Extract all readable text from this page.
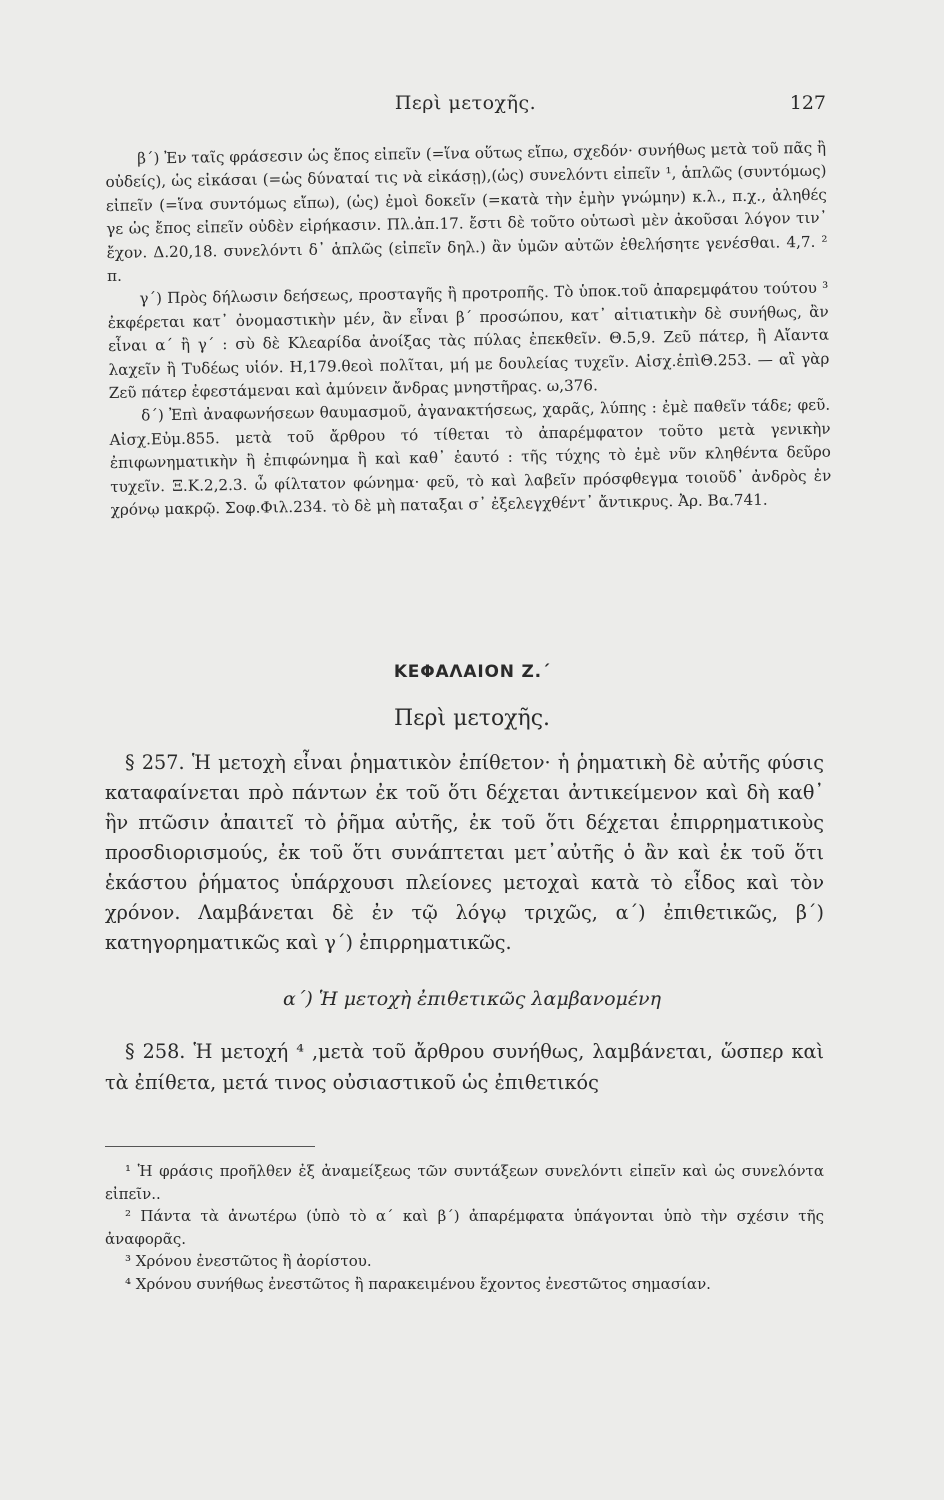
Περὶ μετοχῆς.	127

β΄) Ἐν ταῖς φράσεσιν ὡς ἔπος εἰπεῖν (=ἵνα οὕτως εἴπω, σχεδόν· συνήθως μετὰ τοῦ πᾶς ἢ οὐδείς), ὡς εἰκάσαι (=ὡς δύναταί τις νὰ εἰκάσῃ),(ὡς) συνελόντι εἰπεῖν ¹, ἁπλῶς (συντόμως) εἰπεῖν (=ἵνα συντόμως εἴπω), (ὡς) ἐμοὶ δοκεῖν (=κατὰ τὴν ἐμὴν γνώμην) κ.λ., π.χ., ἀληθές γε ὡς ἔπος εἰπεῖν οὐδὲν εἰρήκασιν. Πλ.ἀπ.17. ἔστι δὲ τοῦτο οὑτωσὶ μὲν ἀκοῦσαι λόγον τιν᾽ ἔχον. Δ.20,18. συνελόντι δ᾽ ἁπλῶς (εἰπεῖν δηλ.) ἂν ὑμῶν αὐτῶν ἐθελήσητε γενέσθαι. 4,7. ² π.

γ΄) Πρὸς δήλωσιν δεήσεως, προσταγῆς ἢ προτροπῆς. Τὸ ὑποκ.τοῦ ἀπαρεμφάτου τούτου ³ ἐκφέρεται κατ᾽ ὀνομαστικὴν μέν, ἂν εἶναι β΄ προσώπου, κατ᾽ αἰτιατικὴν δὲ συνήθως, ἂν εἶναι α΄ ἢ γ΄ : σὺ δὲ Κλεαρίδα ἀνοίξας τὰς πύλας ἐπεκθεῖν. Θ.5,9. Ζεῦ πάτερ, ἢ Αἴαντα λαχεῖν ἢ Τυδέως υἱόν. Η,179.θεοὶ πολῖται, μή με δουλείας τυχεῖν. Αἰσχ.ἑπὶΘ.253. — αἲ γὰρ Ζεῦ πάτερ ἐφεστάμεναι καὶ ἀμύνειν ἄνδρας μνηστῆρας. ω,376.

δ΄) Ἐπὶ ἀναφωνήσεων θαυμασμοῦ, ἀγανακτήσεως, χαρᾶς, λύπης : ἐμὲ παθεῖν τάδε; φεῦ. Αἰσχ.Εὐμ.855. μετὰ τοῦ ἄρθρου τό τίθεται τὸ ἀπαρέμφατον τοῦτο μετὰ γενικὴν ἐπιφωνηματικὴν ἢ ἐπιφώνημα ἢ καὶ καθ᾽ ἑαυτό : τῆς τύχης τὸ ἐμὲ νῦν κληθέντα δεῦρο τυχεῖν. Ξ.Κ.2,2.3. ὦ φίλτατον φώνημα· φεῦ, τὸ καὶ λαβεῖν πρόσφθεγμα τοιοῦδ᾽ ἀνδρὸς ἐν χρόνῳ μακρῷ. Σοφ.Φιλ.234. τὸ δὲ μὴ παταξαι σ᾽ ἐξελεγχθέντ᾽ ἄντικρυς. Ἀρ. Βα.741.

ΚΕΦΑΛΑΙΟΝ Ζ.΄
Περὶ μετοχῆς.

§ 257. Ἡ μετοχὴ εἶναι ῥηματικὸν ἐπίθετον· ἡ ῥηματικὴ δὲ αὐτῆς φύσις καταφαίνεται πρὸ πάντων ἐκ τοῦ ὅτι δέχεται ἀντικείμενον καὶ δὴ καθ᾽ ἣν πτῶσιν ἀπαιτεῖ τὸ ῥῆμα αὐτῆς, ἐκ τοῦ ὅτι δέχεται ἐπιρρηματικοὺς προσδιορισμούς, ἐκ τοῦ ὅτι συνάπτεται μετ᾽αὐτῆς ὁ ἂν καὶ ἐκ τοῦ ὅτι ἑκάστου ῥήματος ὑπάρχουσι πλείονες μετοχαὶ κατὰ τὸ εἶδος καὶ τὸν χρόνον. Λαμβάνεται δὲ ἐν τῷ λόγῳ τριχῶς, α΄) ἐπιθετικῶς, β΄) κατηγορηματικῶς καὶ γ΄) ἐπιρρηματικῶς.

α΄) Ἡ μετοχὴ ἐπιθετικῶς λαμβανομένη

§ 258. Ἡ μετοχή ⁴ ,μετὰ τοῦ ἄρθρου συνήθως, λαμβάνεται, ὥσπερ καὶ τὰ ἐπίθετα, μετά τινος οὐσιαστικοῦ ὡς ἐπιθετικός

¹ Ἡ φράσις προῆλθεν ἐξ ἀναμείξεως τῶν συντάξεων συνελόντι εἰπεῖν καὶ ὡς συνελόντα εἰπεῖν..

² Πάντα τὰ ἀνωτέρω (ὑπὸ τὸ α΄ καὶ β΄) ἀπαρέμφατα ὑπάγονται ὑπὸ τὴν σχέσιν τῆς ἀναφορᾶς.

³ Χρόνου ἐνεστῶτος ἢ ἀορίστου.

⁴ Χρόνου συνήθως ἐνεστῶτος ἢ παρακειμένου ἔχοντος ἐνεστῶτος σημασίαν.
